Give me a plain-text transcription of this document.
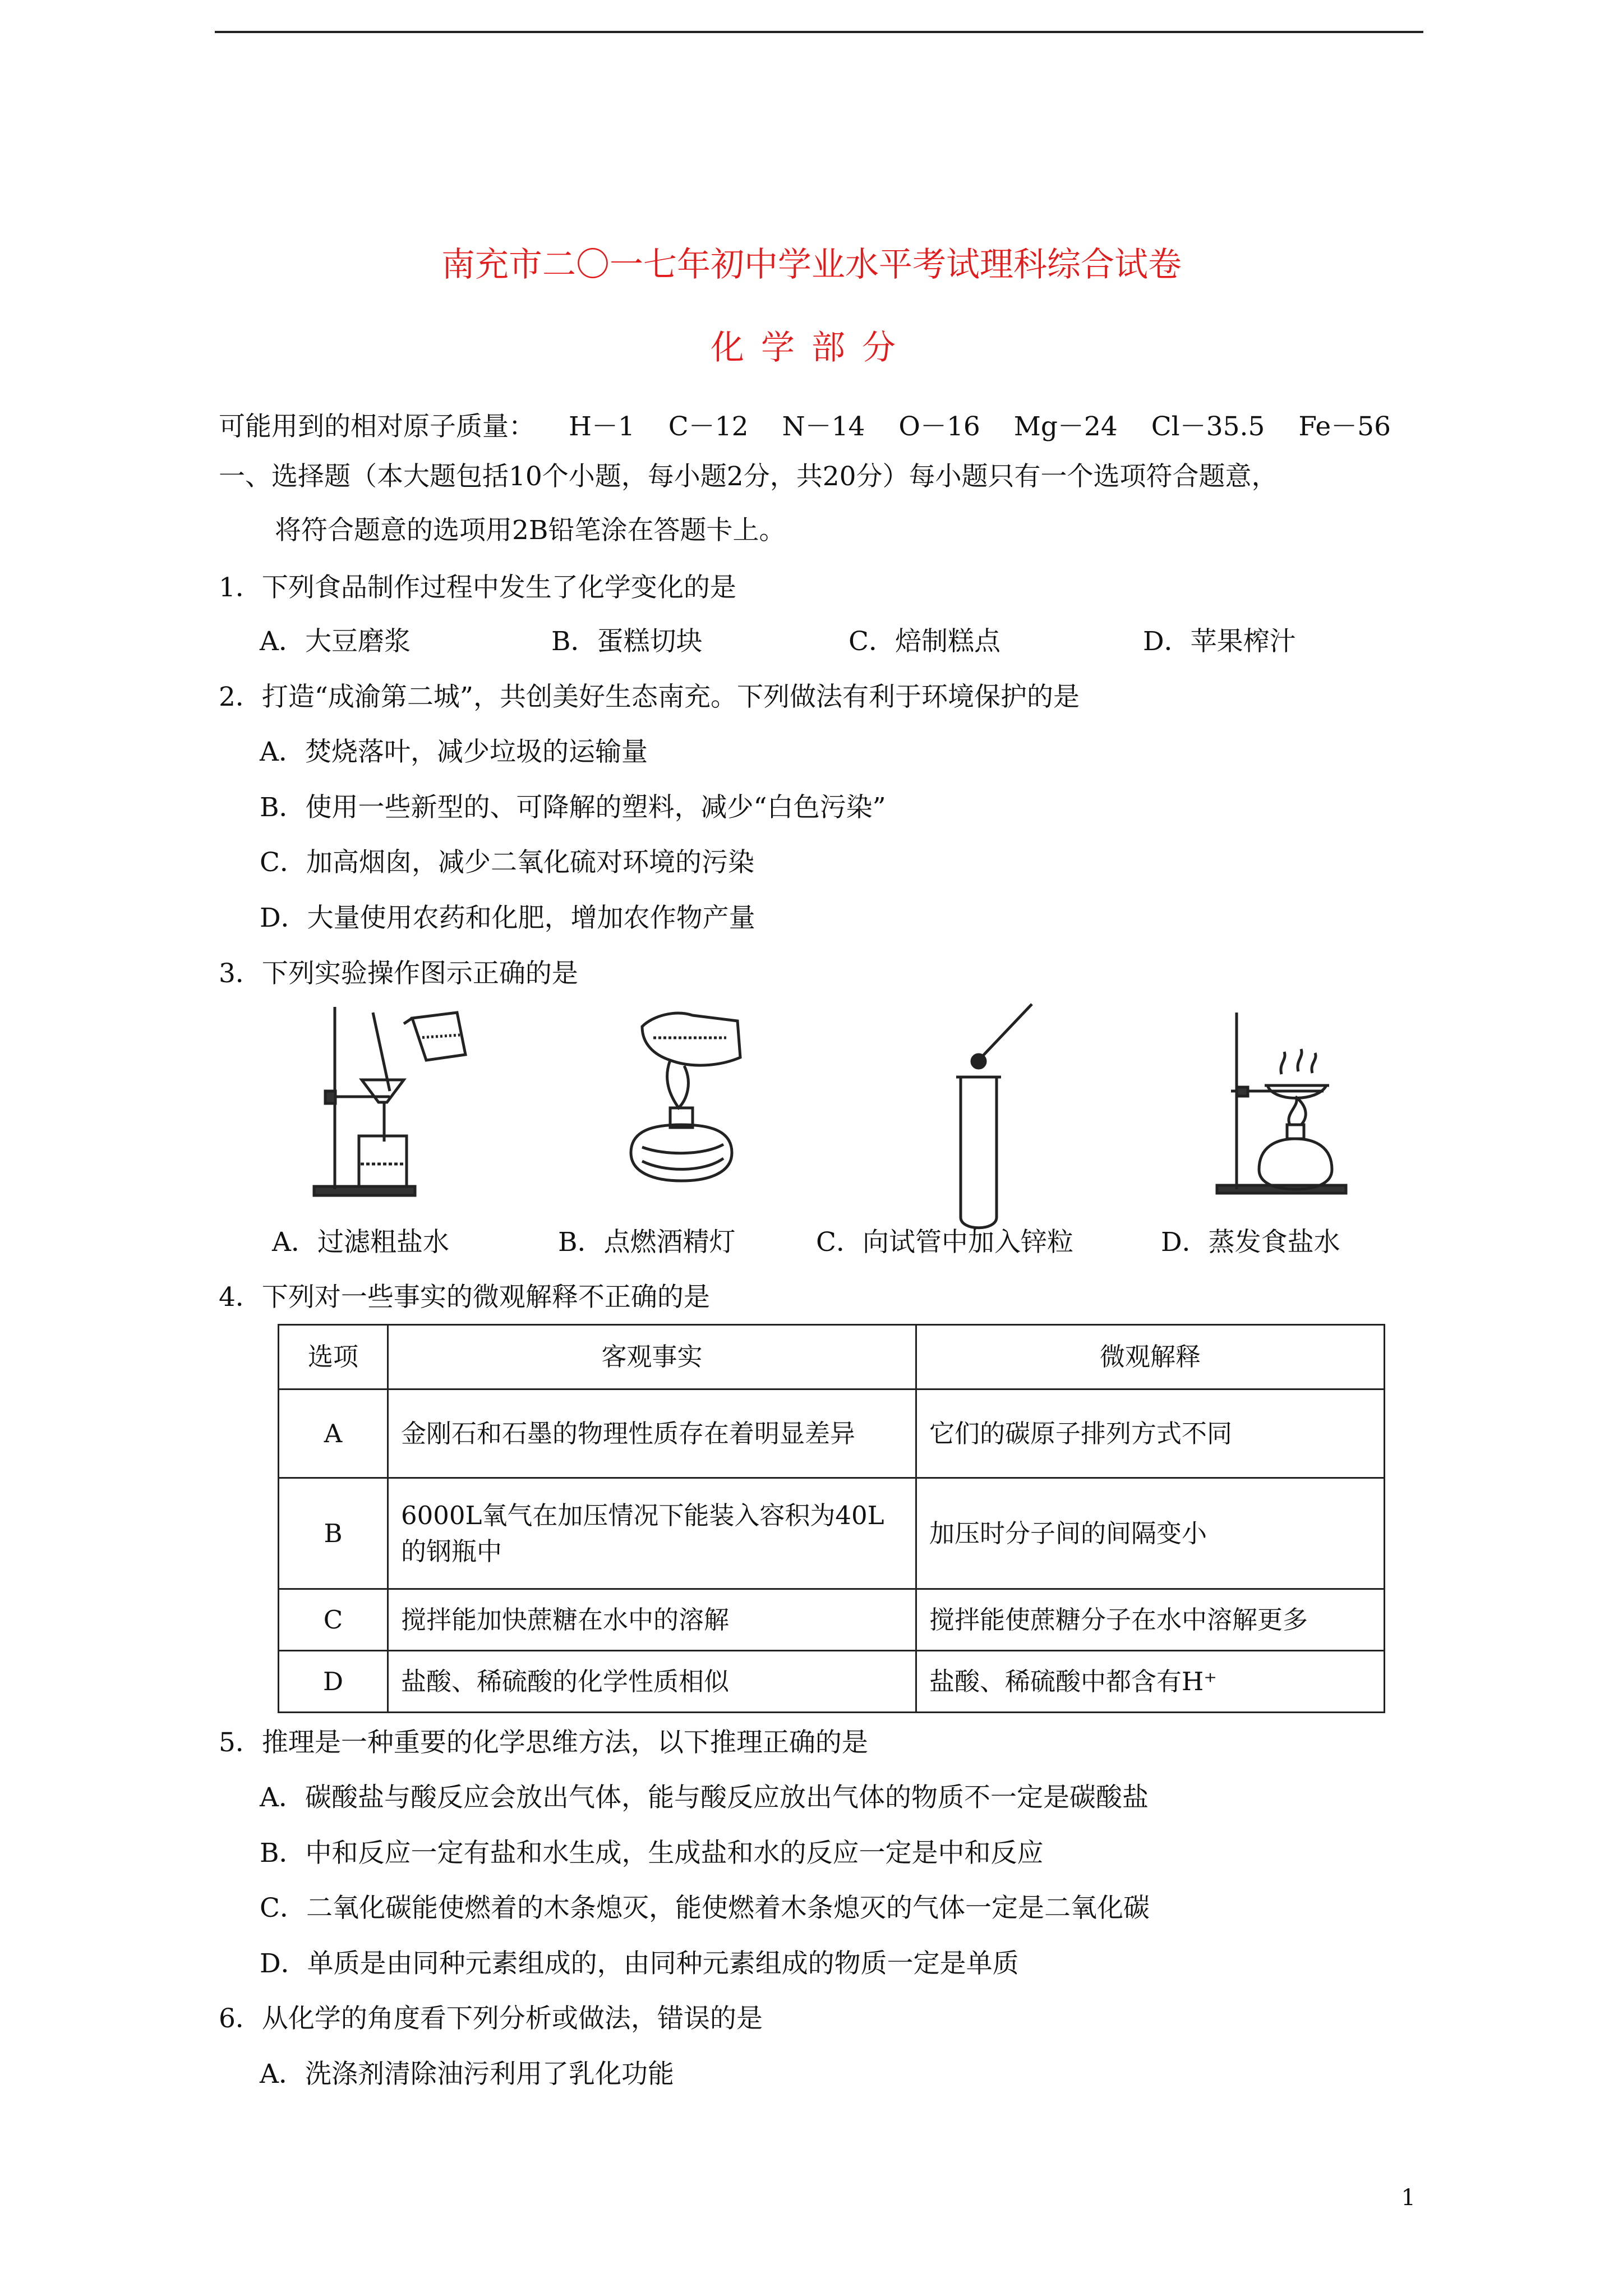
南充市二〇一七年初中学业水平考试理科综合试卷
化学部分
可能用到的相对原子质量： H－1 C－12 N－14 O－16 Mg－24 Cl－35.5 Fe－56
一、选择题（本大题包括10个小题，每小题2分，共20分）每小题只有一个选项符合题意，
将符合题意的选项用2B铅笔涂在答题卡上。
1．下列食品制作过程中发生了化学变化的是
A．大豆磨浆	B．蛋糕切块	C．焙制糕点	D．苹果榨汁
2．打造“成渝第二城”，共创美好生态南充。下列做法有利于环境保护的是
A．焚烧落叶，减少垃圾的运输量
B．使用一些新型的、可降解的塑料，减少“白色污染”
C．加高烟囱，减少二氧化硫对环境的污染
D．大量使用农药和化肥，增加农作物产量
3．下列实验操作图示正确的是
A．过滤粗盐水	B．点燃酒精灯	C．向试管中加入锌粒	D．蒸发食盐水
4．下列对一些事实的微观解释不正确的是
选项	客观事实	微观解释
A	金刚石和石墨的物理性质存在着明显差异	它们的碳原子排列方式不同
B	6000L氧气在加压情况下能装入容积为40L的钢瓶中	加压时分子间的间隔变小
C	搅拌能加快蔗糖在水中的溶解	搅拌能使蔗糖分子在水中溶解更多
D	盐酸、稀硫酸的化学性质相似	盐酸、稀硫酸中都含有H⁺
5．推理是一种重要的化学思维方法，以下推理正确的是
A．碳酸盐与酸反应会放出气体，能与酸反应放出气体的物质不一定是碳酸盐
B．中和反应一定有盐和水生成，生成盐和水的反应一定是中和反应
C．二氧化碳能使燃着的木条熄灭，能使燃着木条熄灭的气体一定是二氧化碳
D．单质是由同种元素组成的，由同种元素组成的物质一定是单质
6．从化学的角度看下列分析或做法，错误的是
A．洗涤剂清除油污利用了乳化功能
1
